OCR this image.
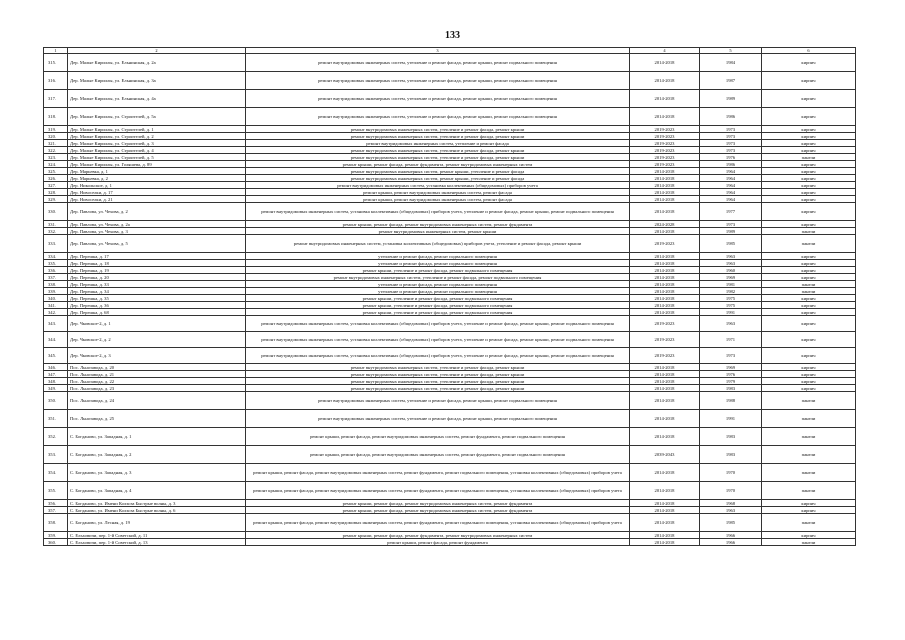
133
1	2	3	4	5	6
315.	Дер. Малые Кириллы, ул. Ельнинская, д. 2а	ремонт внутридомовых инженерных систем, утепление и ремонт фасада, ремонт крыши, ремонт подвального помещения	2014-2018	1984	кирпич
316.	Дер. Малые Кириллы, ул. Ельнинская, д. 3а	ремонт внутридомовых инженерных систем, утепление и ремонт фасада, ремонт крыши, ремонт подвального помещения	2014-2018	1987	кирпич
317.	Дер. Малые Кириллы, ул. Ельнинская, д. 4а	ремонт внутридомовых инженерных систем, утепление и ремонт фасада, ремонт крыши, ремонт подвального помещения	2014-2018	1989	кирпич
318.	Дер. Малые Кириллы, ул. Строителей, д. 5а	ремонт внутридомовых инженерных систем, утепление и ремонт фасада, ремонт крыши, ремонт подвального помещения	2014-2018	1986	кирпич
319.	Дер. Малые Кириллы, ул. Строителей, д. 1	ремонт внутридомовых инженерных систем, утепление и ремонт фасада, ремонт крыши	2019-2023	1973	кирпич
320.	Дер. Малые Кириллы, ул. Строителей, д. 2	ремонт внутридомовых инженерных систем, утепление и ремонт фасада, ремонт крыши	2019-2023	1973	кирпич
321.	Дер. Малые Кириллы, ул. Строителей, д. 3	ремонт внутридомовых инженерных систем, утепление и ремонт фасада	2019-2023	1973	кирпич
322.	Дер. Малые Кириллы, ул. Строителей, д. 4	ремонт внутридомовых инженерных систем, утепление и ремонт фасада, ремонт крыши	2019-2023	1973	кирпич
323.	Дер. Малые Кириллы, ул. Строителей, д. 5	ремонт внутридомовых инженерных систем, утепление и ремонт фасада, ремонт крыши	2019-2023	1976	панели
324.	Дер. Малые Кириллы, ул. Голяшева, д. 89	ремонт крыши, ремонт фасада, ремонт фундамента, ремонт внутридомовых инженерных систем	2019-2023	1986	кирпич
325.	Дер. Марьевка, д. 1	ремонт внутридомовых инженерных систем, ремонт крыши, утепление и ремонт фасада	2014-2018	1964	кирпич
326.	Дер. Марьевка, д. 2	ремонт внутридомовых инженерных систем, ремонт крыши, утепление и ремонт фасада	2014-2018	1964	кирпич
327.	Дер. Никольское, д. 1	ремонт внутридомовых инженерных систем, установка коллективных (общедомовых) приборов учета	2014-2018	1964	кирпич
328.	Дер. Новоселки, д. 17	ремонт крыши, ремонт внутридомовых инженерных систем, ремонт фасада	2014-2018	1964	кирпич
329.	Дер. Новоселки, д. 21	ремонт крыши, ремонт внутридомовых инженерных систем, ремонт фасада	2014-2018	1964	кирпич
330.	Дер. Павлова, ул. Чехова, д. 2	ремонт внутридомовых инженерных систем, установка коллективных (общедомовых) приборов учета, утепление и ремонт фасада, ремонт крыши, ремонт подвального помещения	2014-2018	1977	кирпич
331.	Дер. Павлова, ул. Чехова, д. 2а	ремонт крыши, ремонт фасада, ремонт внутридомовых инженерных систем, ремонт фундамента	2024-2028	1973	кирпич
332.	Дер. Павлова, ул. Чехова, д. 3	ремонт внутридомовых инженерных систем, ремонт крыши	2014-2018	1989	панели
333.	Дер. Павлова, ул. Чехова, д. 5	ремонт внутридомовых инженерных систем, установка коллективных (общедомовых) приборов учета, утепление и ремонт фасада, ремонт крыши	2019-2023	1985	панели
334.	Дер. Перешка, д. 17	утепление и ремонт фасада, ремонт подвального помещения	2014-2018	1963	кирпич
335.	Дер. Перешка, д. 18	утепление и ремонт фасада, ремонт подвального помещения	2014-2018	1963	кирпич
336.	Дер. Перешка, д. 19	ремонт крыши, утепление и ремонт фасада, ремонт подвального помещения	2014-2018	1960	кирпич
337.	Дер. Перешка, д. 20	ремонт внутридомовых инженерных систем, утепление и ремонт фасада, ремонт подвального помещения	2014-2018	1969	кирпич
338.	Дер. Перешка, д. 33	утепление и ремонт фасада, ремонт подвального помещения	2014-2018	1981	панели
339.	Дер. Перешка, д. 34	утепление и ремонт фасада, ремонт подвального помещения	2014-2018	1982	панели
340.	Дер. Перешка, д. 35	ремонт крыши, утепление и ремонт фасада, ремонт подвального помещения	2014-2018	1975	кирпич
341.	Дер. Перешка, д. 36	ремонт крыши, утепление и ремонт фасада, ремонт подвального помещения	2014-2018	1975	кирпич
342.	Дер. Перешка, д. 68	ремонт крыши, утепление и ремонт фасада, ремонт подвального помещения	2014-2018	1991	кирпич
343.	Дер. Чковское-2, д. 1	ремонт внутридомовых инженерных систем, установка коллективных (общедомовых) приборов учета, утепление и ремонт фасада, ремонт крыши, ремонт подвального помещения	2019-2023	1963	кирпич
344.	Дер. Чковское-2, д. 2	ремонт внутридомовых инженерных систем, установка коллективных (общедомовых) приборов учета, утепление и ремонт фасада, ремонт крыши, ремонт подвального помещения	2019-2023	1971	кирпич
345.	Дер. Чковское-2, д. 3	ремонт внутридомовых инженерных систем, установка коллективных (общедомовых) приборов учета, утепление и ремонт фасада, ремонт крыши, ремонт подвального помещения	2019-2023	1973	кирпич
346.	Пос. Льнозавода, д. 20	ремонт внутридомовых инженерных систем, утепление и ремонт фасада, ремонт крыши	2014-2018	1969	кирпич
347.	Пос. Льнозавода, д. 21	ремонт внутридомовых инженерных систем, утепление и ремонт фасада, ремонт крыши	2014-2018	1976	кирпич
348.	Пос. Льнозавода, д. 22	ремонт внутридомовых инженерных систем, утепление и ремонт фасада, ремонт крыши	2014-2018	1979	кирпич
349.	Пос. Льнозавода, д. 23	ремонт внутридомовых инженерных систем, утепление и ремонт фасада, ремонт крыши	2014-2018	1983	кирпич
350.	Пос. Льнозавода, д. 24	ремонт внутридомовых инженерных систем, утепление и ремонт фасада, ремонт крыши, ремонт подвального помещения	2014-2018	1988	панели
351.	Пос. Льнозавода, д. 25	ремонт внутридомовых инженерных систем, утепление и ремонт фасада, ремонт крыши, ремонт подвального помещения	2014-2018	1991	панели
352.	С. Богданово, ул. Западная, д. 1	ремонт крыши, ремонт фасада, ремонт внутридомовых инженерных систем, ремонт фундамента, ремонт подвального помещения	2014-2018	1983	панели
353.	С. Богданово, ул. Западная, д. 2	ремонт крыши, ремонт фасада, ремонт внутридомовых инженерных систем, ремонт фундамента, ремонт подвального помещения	2039-2043	1983	панели
354.	С. Богданово, ул. Западная, д. 3	ремонт крыши, ремонт фасада, ремонт внутридомовых инженерных систем, ремонт фундамента, ремонт подвального помещения, установка коллективных (общедомовых) приборов учета	2014-2018	1970	панели
355.	С. Богданово, ул. Западная, д. 4	ремонт крыши, ремонт фасада, ремонт внутридомовых инженерных систем, ремонт фундамента, ремонт подвального помещения, установка коллективных (общедомовых) приборов учета	2014-2018	1970	панели
356.	С. Богданово, ул. Имени Колхоза Быстрые волны, д. 3	ремонт крыши, ремонт фасада, ремонт внутридомовых инженерных систем, ремонт фундамента	2014-2018	1968	кирпич
357.	С. Богданово, ул. Имени Колхоза Быстрые волны, д. 6	ремонт крыши, ремонт фасада, ремонт внутридомовых инженерных систем, ремонт фундамента	2014-2018	1963	кирпич
358.	С. Богданово, ул. Лесная, д. 19	ремонт крыши, ремонт фасада, ремонт внутридомовых инженерных систем, ремонт фундамента, ремонт подвального помещения, установка коллективных (общедомовых) приборов учета	2014-2018	1985	панели
359.	С. Ельховичи, пер. 1-й Советский, д. 11	ремонт крыши, ремонт фасада, ремонт фундамента, ремонт внутридомовых инженерных систем	2014-2018	1966	кирпич
360.	С. Ельховичи, пер. 1-й Советский, д. 13	ремонт крыши, ремонт фасада, ремонт фундамента	2014-2018	1966	панели
